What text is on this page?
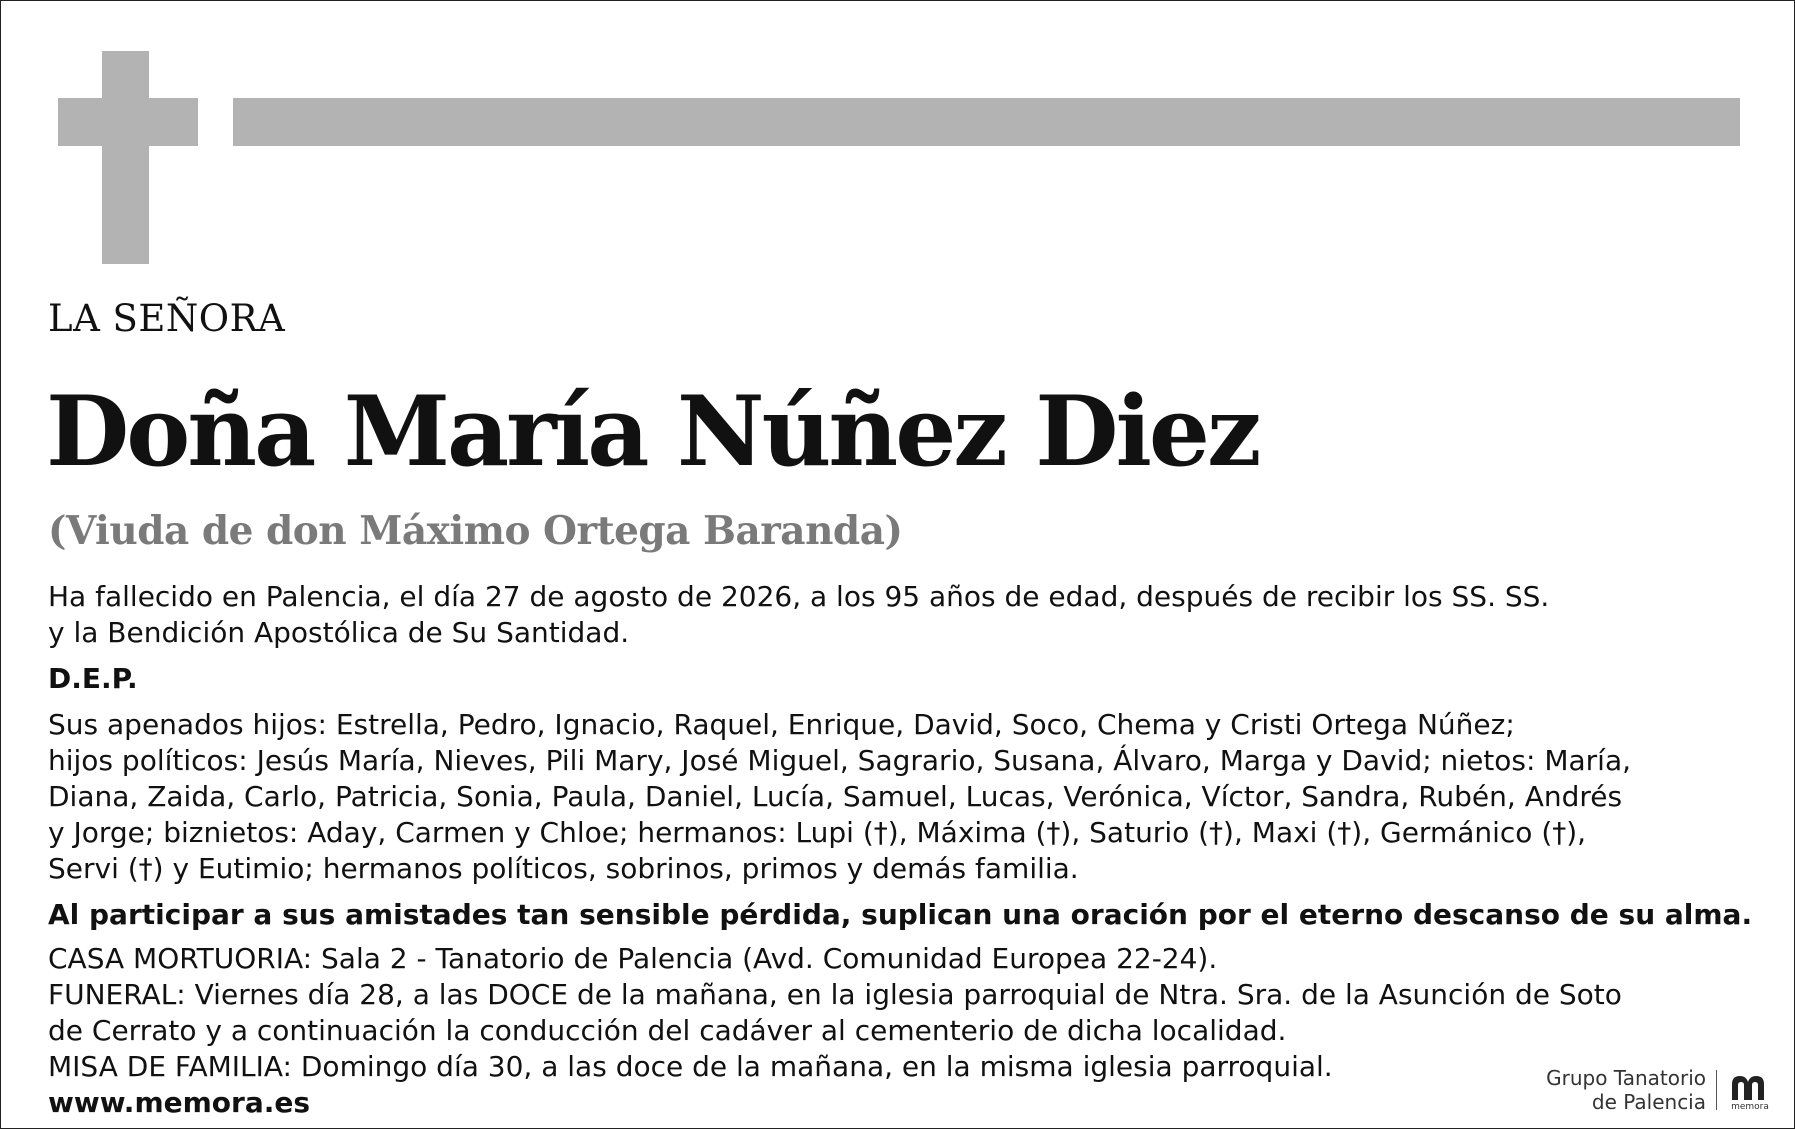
LA SEÑORA
Doña María Núñez Diez
(Viuda de don Máximo Ortega Baranda)
Ha fallecido en Palencia, el día 27 de agosto de 2026, a los 95 años de edad, después de recibir los SS. SS.
y la Bendición Apostólica de Su Santidad.
D.E.P.
Sus apenados hijos: Estrella, Pedro, Ignacio, Raquel, Enrique, David, Soco, Chema y Cristi Ortega Núñez;
hijos políticos: Jesús María, Nieves, Pili Mary, José Miguel, Sagrario, Susana, Álvaro, Marga y David; nietos: María,
Diana, Zaida, Carlo, Patricia, Sonia, Paula, Daniel, Lucía, Samuel, Lucas, Verónica, Víctor, Sandra, Rubén, Andrés
y Jorge; biznietos: Aday, Carmen y Chloe; hermanos: Lupi (†), Máxima (†), Saturio (†), Maxi (†), Germánico (†),
Servi (†) y Eutimio; hermanos políticos, sobrinos, primos y demás familia.
Al participar a sus amistades tan sensible pérdida, suplican una oración por el eterno descanso de su alma.
CASA MORTUORIA: Sala 2 - Tanatorio de Palencia (Avd. Comunidad Europea 22-24).
FUNERAL: Viernes día 28, a las DOCE de la mañana, en la iglesia parroquial de Ntra. Sra. de la Asunción de Soto
de Cerrato y a continuación la conducción del cadáver al cementerio de dicha localidad.
MISA DE FAMILIA: Domingo día 30, a las doce de la mañana, en la misma iglesia parroquial.
www.memora.es
Grupo Tanatorio
de Palencia	memora
